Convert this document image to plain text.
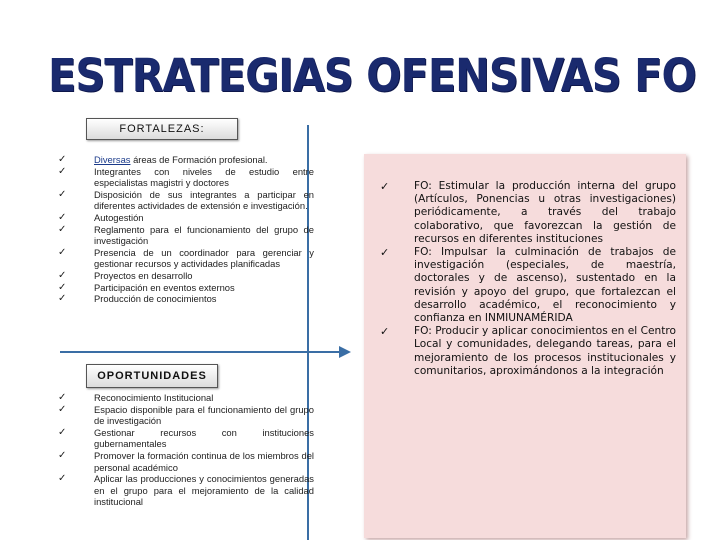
ESTRATEGIAS OFENSIVAS FO
FORTALEZAS:
✓	Diversas áreas de Formación profesional.
✓	Integrantes con niveles de estudio entre especialistas magistri y doctores
✓	Disposición de sus integrantes a participar en diferentes actividades de extensión e investigación.
✓	Autogestión
✓	Reglamento para el funcionamiento del grupo de investigación
✓	Presencia de un coordinador para gerenciar y gestionar recursos y actividades planificadas
✓	Proyectos en desarrollo
✓	Participación en eventos externos
✓	Producción de conocimientos
OPORTUNIDADES
✓	Reconocimiento Institucional
✓	Espacio disponible para el funcionamiento del grupo de investigación
✓	Gestionar recursos con instituciones gubernamentales
✓	Promover la formación continua de los miembros del personal académico
✓	Aplicar las producciones y conocimientos generadas en el grupo para el mejoramiento de la calidad institucional
✓ FO: Estimular la producción interna del grupo (Artículos, Ponencias u otras investigaciones) periódicamente, a través del trabajo colaborativo, que favorezcan la gestión de recursos en diferentes instituciones
✓ FO: Impulsar la culminación de trabajos de investigación (especiales, de maestría, doctorales y de ascenso), sustentado en la revisión y apoyo del grupo, que fortalezcan el desarrollo académico, el reconocimiento y confianza en INMIUNAMÉRIDA
✓ FO: Producir y aplicar conocimientos en el Centro Local y comunidades, delegando tareas, para el mejoramiento de los procesos institucionales y comunitarios, aproximándonos a la integración
